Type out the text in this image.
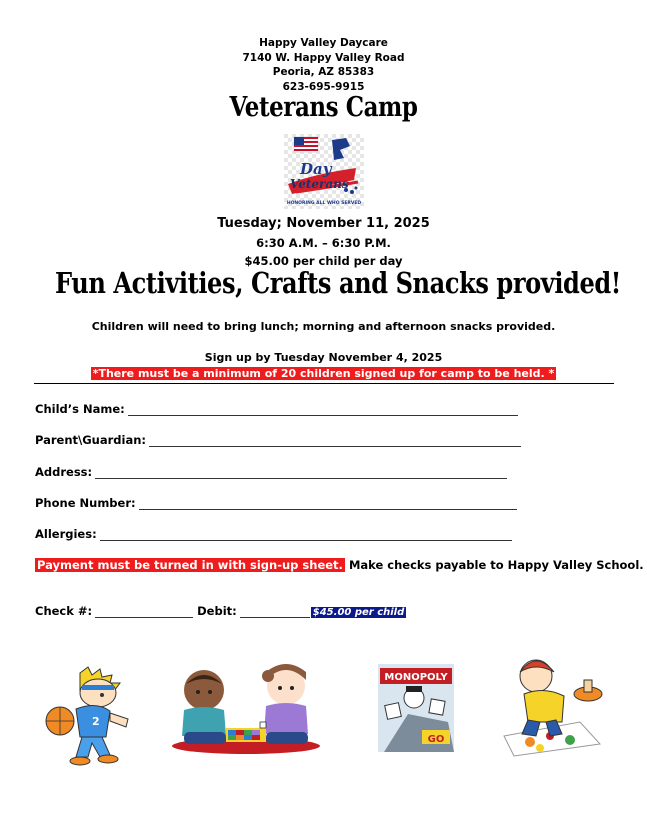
Happy Valley Daycare
7140 W. Happy Valley Road
Peoria, AZ 85383
623-695-9915
Veterans Camp
Day
Veterans
HONORING ALL WHO SERVED
Tuesday; November 11, 2025
6:30 A.M. – 6:30 P.M.
$45.00 per child per day
Fun Activities, Crafts and Snacks provided!
Children will need to bring lunch; morning and afternoon snacks provided.
Sign up by Tuesday November 4, 2025
*There must be a minimum of 20 children signed up for camp to be held. *
Child’s Name:
Parent\Guardian:
Address:
Phone Number:
Allergies:
Payment must be turned in with sign-up sheet. Make checks payable to Happy Valley School.
Check #:	Debit:	$45.00 per child
2
MONOPOLY
GO
